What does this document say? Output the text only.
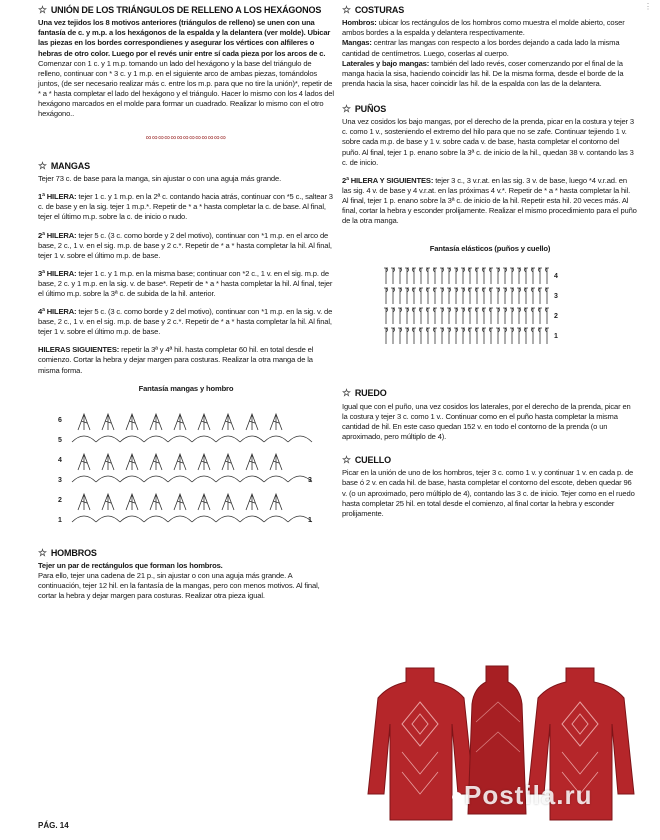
☆ UNIÓN DE LOS TRIÁNGULOS DE RELLENO A LOS HEXÁGONOS

Una vez tejidos los 8 motivos anteriores (triángulos de relleno) se unen con una fantasía de c. y m.p. a los hexágonos de la espalda y la delantera (ver molde). Ubicar las piezas en los bordes correspondienes y asegurar los vértices con alfileres o hebras de otro color. Luego por el revés unir entre sí cada pieza por los arcos de c.

Comenzar con 1 c. y 1 m.p. tomando un lado del hexágono y la base del triángulo de relleno, continuar con * 3 c. y 1 m.p. en el siguiente arco de ambas piezas, tomándolos juntos, (de ser necesario realizar más c. entre los m.p. para que no tire la unión)*, repetir de * a * hasta completar el lado del hexágono y el triángulo. Hacer lo mismo con los 4 lados del hexágono marcados en el molde para formar un cuadrado. Realizar lo mismo con el otro hexágono..

∞∞∞∞∞∞∞∞∞∞∞∞∞
☆ MANGAS

Tejer 73 c. de base para la manga, sin ajustar o con una aguja más grande.

1ª HILERA: tejer 1 c. y 1 m.p. en la 2ª c. contando hacia atrás, continuar con *5 c., saltear 3 c. de base y en la sig. tejer 1 m.p.*. Repetir de * a * hasta completar la c. de base. Al final, tejer el último m.p. sobre la c. de inicio o nudo.

2ª HILERA: tejer 5 c. (3 c. como borde y 2 del motivo), continuar con *1 m.p. en el arco de base, 2 c., 1 v. en el sig. m.p. de base y 2 c.*. Repetir de * a * hasta completar la hil. Al final, tejer 1 v. sobre el último m.p. de base.

3ª HILERA: tejer 1 c. y 1 m.p. en la misma base; continuar con *2 c., 1 v. en el sig. m.p. de base, 2 c. y 1 m.p. en la sig. v. de base*. Repetir de * a * hasta completar la hil. Al final, tejer el último m.p. sobre la 3ª c. de subida de la hil. anterior.

4ª HILERA: tejer 5 c. (3 c. como borde y 2 del motivo), continuar con *1 m.p. en la sig. v. de base, 2 c., 1 v. en el sig. m.p. de base y 2 c.*. Repetir de * a * hasta completar la hil. Al final, tejer 1 v. sobre el último m.p. de base.

HILERAS SIGUIENTES: repetir la 3ª y 4ª hil. hasta completar 60 hil. en total desde el comienzo. Cortar la hebra y dejar margen para costuras. Realizar la otra manga de la misma forma.

Fantasía mangas y hombro
6
5
4
3
2
1
3
1
☆ HOMBROS

Tejer un par de rectángulos que forman los hombros.

Para ello, tejer una cadena de 21 p., sin ajustar o con una aguja más grande. A continuación, tejer 12 hil. en la fantasía de la mangas, pero con menos motivos. Al final, cortar la hebra y dejar margen para costuras. Realizar otra pieza igual.

☆ COSTURAS

Hombros: ubicar los rectángulos de los hombros como muestra el molde abierto, coser ambos bordes a la espalda y delantera respectivamente.

Mangas: centrar las mangas con respecto a los bordes dejando a cada lado la misma cantidad de centímetros. Luego, coserlas al cuerpo.

Laterales y bajo mangas: también del lado revés, coser comenzando por el final de la manga hacia la sisa, haciendo coincidir las hil. De la misma forma, desde el borde de la prenda hacia la sisa, hacer coincidir las hil. de la espalda con las de la delantera.

☆ PUÑOS

Una vez cosidos los bajo mangas, por el derecho de la prenda, picar en la costura y tejer 3 c. como 1 v., sosteniendo el extremo del hilo para que no se zafe. Continuar tejiendo 1 v. sobre cada m.p. de base y 1 v. sobre cada v. de base, hasta completar el contorno del puño. Al final, tejer 1 p. enano sobre la 3ª c. de inicio de la hil., quedan 38 v. contando las 3 c. de inicio.

2ª HILERA Y SIGUIENTES: tejer 3 c., 3 v.r.at. en las sig. 3 v. de base, luego *4 v.r.ad. en las sig. 4 v. de base y 4 v.r.at. en las próximas 4 v.*. Repetir de * a * hasta completar la hil. Al final, tejer 1 p. enano sobre la 3ª c. de inicio de la hil. Repetir esta hil. 20 veces más. Al final, cortar la hebra y esconder prolijamente. Realizar el mismo procedimiento para el puño de la otra manga.

Fantasía elásticos (puños y cuello)
4
3
2
1
☆ RUEDO

Igual que con el puño, una vez cosidos los laterales, por el derecho de la prenda, picar en la costura y tejer 3 c. como 1 v.. Continuar como en el puño hasta completar la misma cantidad de hil. En este caso quedan 152 v. en todo el contorno de la prenda (o un aproximado, pero múltiplo de 4).

☆ CUELLO

Picar en la unión de uno de los hombros, tejer 3 c. como 1 v. y continuar 1 v. en cada p. de base ó 2 v. en cada hil. de base, hasta completar el contorno del escote, deben quedar 96 v. (o un aproximado, pero múltiplo de 4), contando las 3 c. de inicio. Tejer como en el ruedo hasta completar 25 hil. en total desde el comienzo, al final cortar la hebra y esconder prolijamente.

Postila.ru
⋮
PÁG. 14
